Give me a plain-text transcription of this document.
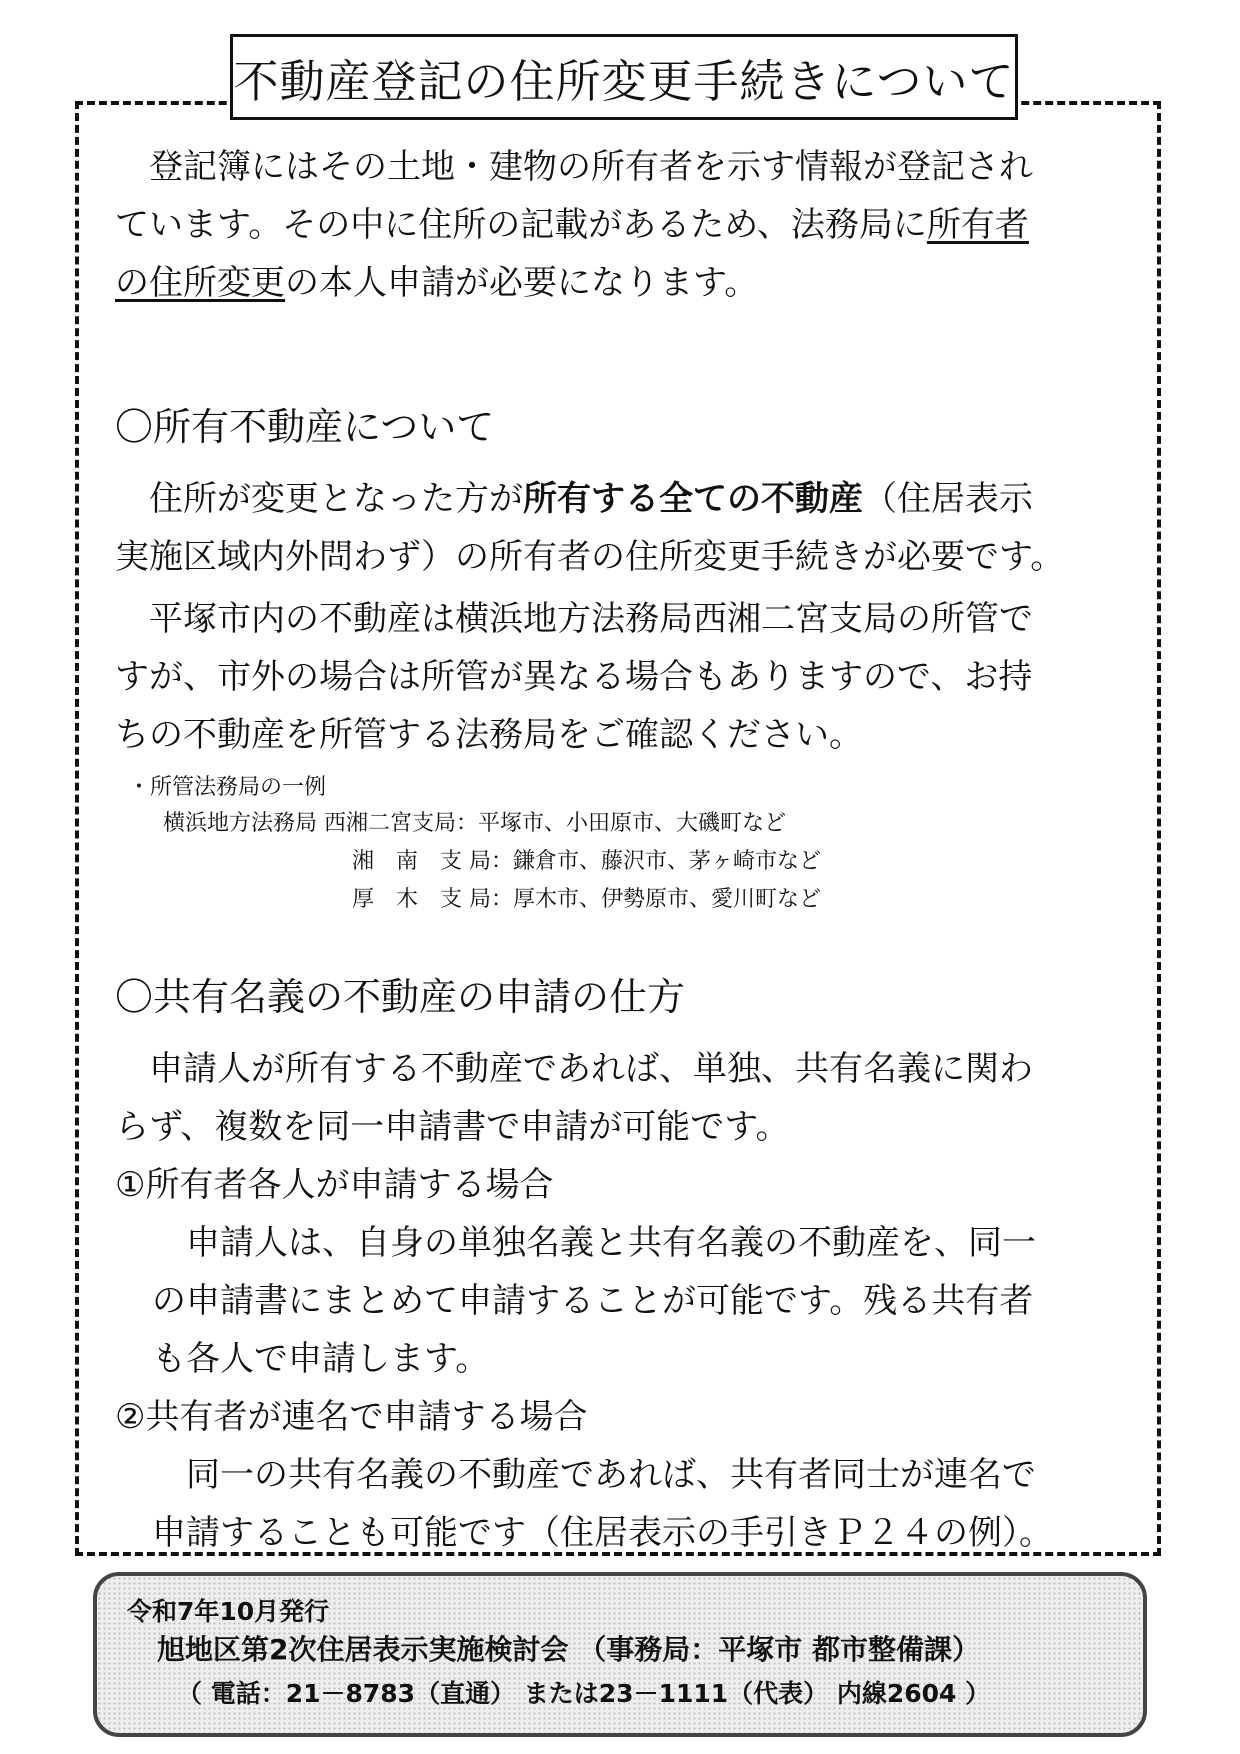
不動産登記の住所変更手続きについて
　登記簿にはその土地・建物の所有者を示す情報が登記され
ています。その中に住所の記載があるため、法務局に所有者
の住所変更の本人申請が必要になります。
〇所有不動産について
　住所が変更となった方が所有する全ての不動産（住居表示
実施区域内外問わず）の所有者の住所変更手続きが必要です。
　平塚市内の不動産は横浜地方法務局西湘二宮支局の所管で
すが、市外の場合は所管が異なる場合もありますので、お持
ちの不動産を所管する法務局をご確認ください。
・所管法務局の一例
横浜地方法務局 西湘二宮支局：平塚市、小田原市、大磯町など
湘　南　支 局：鎌倉市、藤沢市、茅ヶ崎市など
厚　木　支 局：厚木市、伊勢原市、愛川町など
〇共有名義の不動産の申請の仕方
　申請人が所有する不動産であれば、単独、共有名義に関わ
らず、複数を同一申請書で申請が可能です。
①所有者各人が申請する場合
　申請人は、自身の単独名義と共有名義の不動産を、同一
の申請書にまとめて申請することが可能です。残る共有者
も各人で申請します。
②共有者が連名で申請する場合
　同一の共有名義の不動産であれば、共有者同士が連名で
申請することも可能です（住居表示の手引きＰ２４の例）。
令和7年10月発行
旭地区第2次住居表示実施検討会 （事務局：平塚市 都市整備課）
（ 電話：21－8783（直通） または23－1111（代表） 内線2604 ）
